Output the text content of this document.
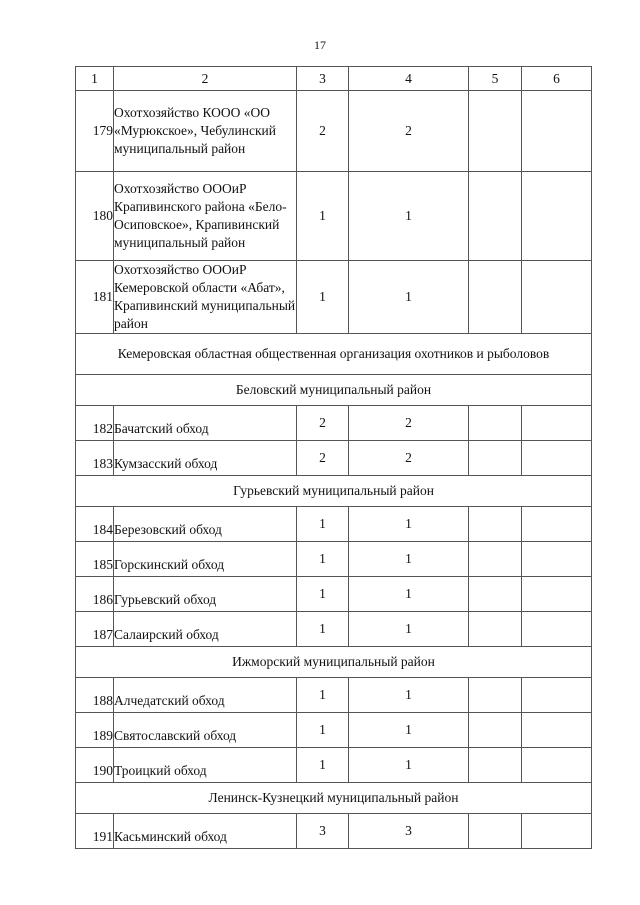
17
1	2	3	4	5	6
179	Охотхозяйство КООО «ОО «Мурюкское», Чебулинский муниципальный район	2	2		
180	Охотхозяйство ОООиР Крапивинского района «Бело-Осиповское», Крапивинский муниципальный район	1	1		
181	Охотхозяйство ОООиР Кемеровской области «Абат», Крапивинский муниципальный район	1	1		
Кемеровская областная общественная организация охотников и рыболовов					
Беловский муниципальный район					
182	Бачатский обход	2	2		
183	Кумзасский обход	2	2		
Гурьевский муниципальный район					
184	Березовский обход	1	1		
185	Горскинский обход	1	1		
186	Гурьевский обход	1	1		
187	Салаирский обход	1	1		
Ижморский муниципальный район					
188	Алчедатский обход	1	1		
189	Святославский обход	1	1		
190	Троицкий обход	1	1		
Ленинск-Кузнецкий муниципальный район					
191	Касьминский обход	3	3		
